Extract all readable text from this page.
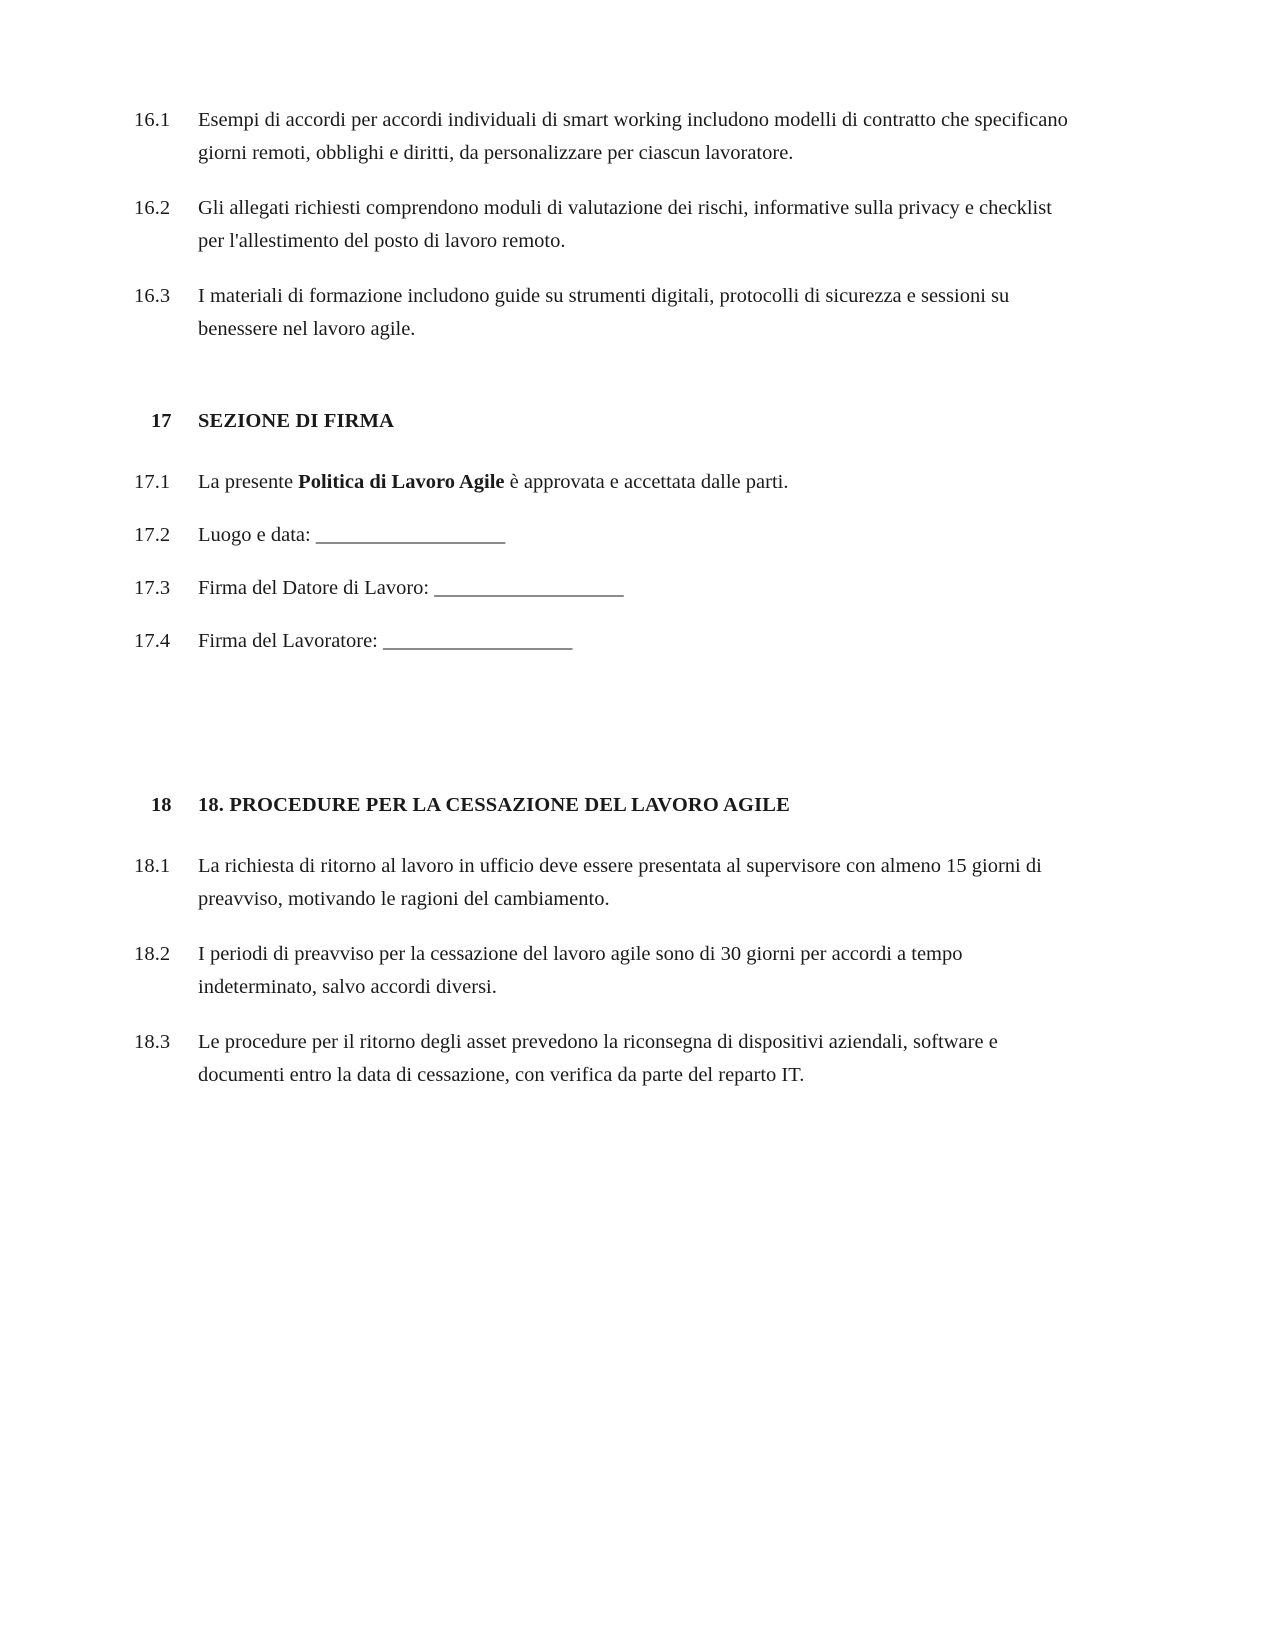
16.1	Esempi di accordi per accordi individuali di smart working includono modelli di contratto che specificano giorni remoti, obblighi e diritti, da personalizzare per ciascun lavoratore.
16.2	Gli allegati richiesti comprendono moduli di valutazione dei rischi, informative sulla privacy e checklist per l'allestimento del posto di lavoro remoto.
16.3	I materiali di formazione includono guide su strumenti digitali, protocolli di sicurezza e sessioni su benessere nel lavoro agile.
17	SEZIONE DI FIRMA
17.1	La presente Politica di Lavoro Agile è approvata e accettata dalle parti.
17.2	Luogo e data: ___________________
17.3	Firma del Datore di Lavoro: ___________________
17.4	Firma del Lavoratore: ___________________
18	18. PROCEDURE PER LA CESSAZIONE DEL LAVORO AGILE
18.1	La richiesta di ritorno al lavoro in ufficio deve essere presentata al supervisore con almeno 15 giorni di preavviso, motivando le ragioni del cambiamento.
18.2	I periodi di preavviso per la cessazione del lavoro agile sono di 30 giorni per accordi a tempo indeterminato, salvo accordi diversi.
18.3	Le procedure per il ritorno degli asset prevedono la riconsegna di dispositivi aziendali, software e documenti entro la data di cessazione, con verifica da parte del reparto IT.
